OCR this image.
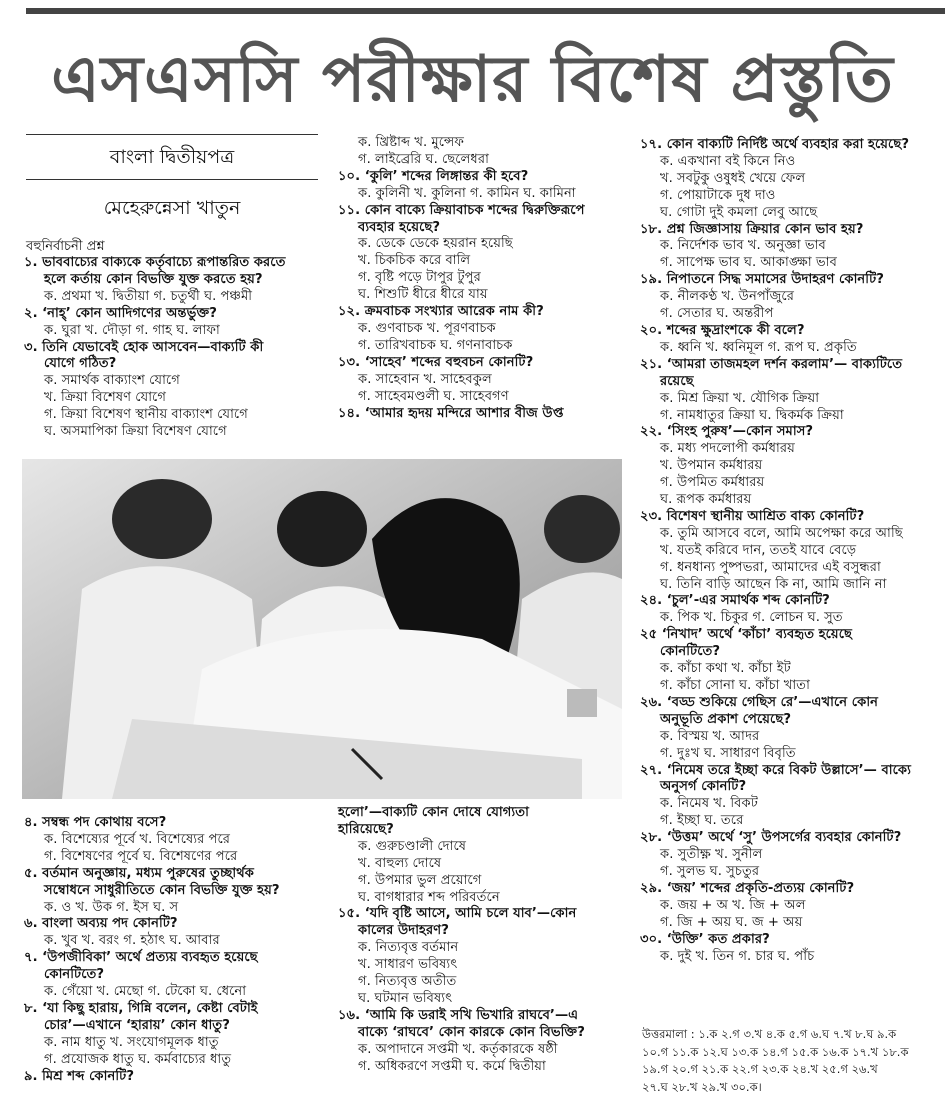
এসএসসি পরীক্ষার বিশেষ প্রস্তুতি
বাংলা দ্বিতীয়পত্র
মেহেরুন্নেসা খাতুন
বহুনির্বাচনী প্রশ্ন

১. ভাববাচ্যের বাক্যকে কর্তৃবাচ্যে রূপান্তরিত করতে

হলে কর্তায় কোন বিভক্তি যুক্ত করতে হয়?

ক. প্রথমা খ. দ্বিতীয়া গ. চতুর্থী ঘ. পঞ্চমী

২. ‘নাহ্’ কোন আদিগণের অন্তর্ভুক্ত?

ক. ঘুরা খ. দৌড়া গ. গাহ ঘ. লাফা

৩. তিনি যেভাবেই হোক আসবেন—বাক্যটি কী

যোগে গঠিত?

ক. সমার্থক বাক্যাংশ যোগে

খ. ক্রিয়া বিশেষণ যোগে

গ. ক্রিয়া বিশেষণ স্থানীয় বাক্যাংশ যোগে

ঘ. অসমাপিকা ক্রিয়া বিশেষণ যোগে

ক. খ্রিষ্টাব্দ খ. মুন্সেফ

গ. লাইব্রেরি ঘ. ছেলেধরা

১০. ‘কুলি’ শব্দের লিঙ্গান্তর কী হবে?

ক. কুলিনী খ. কুলিনা গ. কামিন ঘ. কামিনা

১১. কোন বাক্যে ক্রিয়াবাচক শব্দের দ্বিরুক্তিরূপে

ব্যবহার হয়েছে?

ক. ডেকে ডেকে হয়রান হয়েছি

খ. চিকচিক করে বালি

গ. বৃষ্টি পড়ে টাপুর টুপুর

ঘ. শিশুটি ধীরে ধীরে যায়

১২. ক্রমবাচক সংখ্যার আরেক নাম কী?

ক. গুণবাচক খ. পূরণবাচক

গ. তারিখবাচক ঘ. গণনাবাচক

১৩. ‘সাহেব’ শব্দের বহুবচন কোনটি?

ক. সাহেবান খ. সাহেবকুল

গ. সাহেবমণ্ডলী ঘ. সাহেবগণ

১৪. ‘আমার হৃদয় মন্দিরে আশার বীজ উপ্ত

৪. সম্বন্ধ পদ কোথায় বসে?

ক. বিশেষ্যের পূর্বে খ. বিশেষ্যের পরে

গ. বিশেষণের পূর্বে ঘ. বিশেষণের পরে

৫. বর্তমান অনুজ্ঞায়, মধ্যম পুরুষের তুচ্ছার্থক

সম্বোধনে সাধুরীতিতে কোন বিভক্তি যুক্ত হয়?

ক. ও খ. উক গ. ইস ঘ. স

৬. বাংলা অব্যয় পদ কোনটি?

ক. খুব খ. বরং গ. হঠাৎ ঘ. আবার

৭. ‘উপজীবিকা’ অর্থে প্রত্যয় ব্যবহৃত হয়েছে

কোনটিতে?

ক. গেঁয়ো খ. মেছো গ. টেকো ঘ. ধেনো

৮. ‘যা কিছু হারায়, গিন্নি বলেন, কেষ্টা বেটাই

চোর’—এখানে ‘হারায়’ কোন ধাতু?

ক. নাম ধাতু খ. সংযোগমূলক ধাতু

গ. প্রযোজক ধাতু ঘ. কর্মবাচ্যের ধাতু

৯. মিশ্র শব্দ কোনটি?

হলো’—বাক্যটি কোন দোষে যোগ্যতা

হারিয়েছে?

ক. গুরুচণ্ডালী দোষে

খ. বাহুল্য দোষে

গ. উপমার ভুল প্রয়োগে

ঘ. বাগধারার শব্দ পরিবর্তনে

১৫. ‘যদি বৃষ্টি আসে, আমি চলে যাব’—কোন

কালের উদাহরণ?

ক. নিত্যবৃত্ত বর্তমান

খ. সাধারণ ভবিষ্যৎ

গ. নিত্যবৃত্ত অতীত

ঘ. ঘটমান ভবিষ্যৎ

১৬. ‘আমি কি ডরাই সখি ভিখারি রাঘবে’—এ

বাক্যে ‘রাঘবে’ কোন কারকে কোন বিভক্তি?

ক. অপাদানে সপ্তমী খ. কর্তৃকারকে ষষ্ঠী

গ. অধিকরণে সপ্তমী ঘ. কর্মে দ্বিতীয়া

১৭. কোন বাক্যটি নির্দিষ্ট অর্থে ব্যবহার করা হয়েছে?

ক. একখানা বই কিনে নিও

খ. সবটুকু ওষুধই খেয়ে ফেল

গ. পোয়াটাকে দুধ দাও

ঘ. গোটা দুই কমলা লেবু আছে

১৮. প্রশ্ন জিজ্ঞাসায় ক্রিয়ার কোন ভাব হয়?

ক. নির্দেশক ভাব খ. অনুজ্ঞা ভাব

গ. সাপেক্ষ ভাব ঘ. আকাঙ্ক্ষা ভাব

১৯. নিপাতনে সিদ্ধ সমাসের উদাহরণ কোনটি?

ক. নীলকণ্ঠ খ. উনপাঁজুরে

গ. সেতার ঘ. অন্তরীপ

২০. শব্দের ক্ষুদ্রাংশকে কী বলে?

ক. ধ্বনি খ. ধ্বনিমূল গ. রূপ ঘ. প্রকৃতি

২১. ‘আমরা তাজমহল দর্শন করলাম’— বাক্যটিতে

রয়েছে

ক. মিশ্র ক্রিয়া খ. যৌগিক ক্রিয়া

গ. নামধাতুর ক্রিয়া ঘ. দ্বিকর্মক ক্রিয়া

২২. ‘সিংহ পুরুষ’—কোন সমাস?

ক. মধ্য পদলোপী কর্মধারয়

খ. উপমান কর্মধারয়

গ. উপমিত কর্মধারয়

ঘ. রূপক কর্মধারয়

২৩. বিশেষণ স্থানীয় আশ্রিত বাক্য কোনটি?

ক. তুমি আসবে বলে, আমি অপেক্ষা করে আছি

খ. যতই করিবে দান, ততই যাবে বেড়ে

গ. ধনধান্য পুষ্পভরা, আমাদের এই বসুন্ধরা

ঘ. তিনি বাড়ি আছেন কি না, আমি জানি না

২৪. ‘চুল’-এর সমার্থক শব্দ কোনটি?

ক. পিক খ. চিকুর গ. লোচন ঘ. সুত

২৫ ‘নিখাদ’ অর্থে ‘কাঁচা’ ব্যবহৃত হয়েছে

কোনটিতে?

ক. কাঁচা কথা খ. কাঁচা ইট

গ. কাঁচা সোনা ঘ. কাঁচা খাতা

২৬. ‘বড্ড শুকিয়ে গেছিস রে’—এখানে কোন

অনুভূতি প্রকাশ পেয়েছে?

ক. বিস্ময় খ. আদর

গ. দুঃখ ঘ. সাধারণ বিবৃতি

২৭. ‘নিমেষ তরে ইচ্ছা করে বিকট উল্লাসে’— বাক্যে

অনুসর্গ কোনটি?

ক. নিমেষ খ. বিকট

গ. ইচ্ছা ঘ. তরে

২৮. ‘উত্তম’ অর্থে ‘সু’ উপসর্গের ব্যবহার কোনটি?

ক. সুতীক্ষ্ণ খ. সুনীল

গ. সুলভ ঘ. সুচতুর

২৯. ‘জয়’ শব্দের প্রকৃতি-প্রত্যয় কোনটি?

ক. জয় + অ খ. জি + অল

গ. জি + অয় ঘ. জ + অয়

৩০. ‘উক্তি’ কত প্রকার?

ক. দুই খ. তিন গ. চার ঘ. পাঁচ

উত্তরমালা : ১.ক ২.গ ৩.খ ৪.ক ৫.গ ৬.ঘ ৭.খ ৮.ঘ ৯.ক

১০.গ ১১.ক ১২.ঘ ১৩.ক ১৪.গ ১৫.ক ১৬.ক ১৭.খ ১৮.ক

১৯.গ ২০.গ ২১.ক ২২.গ ২৩.ক ২৪.খ ২৫.গ ২৬.খ

২৭.ঘ ২৮.খ ২৯.খ ৩০.ক।
